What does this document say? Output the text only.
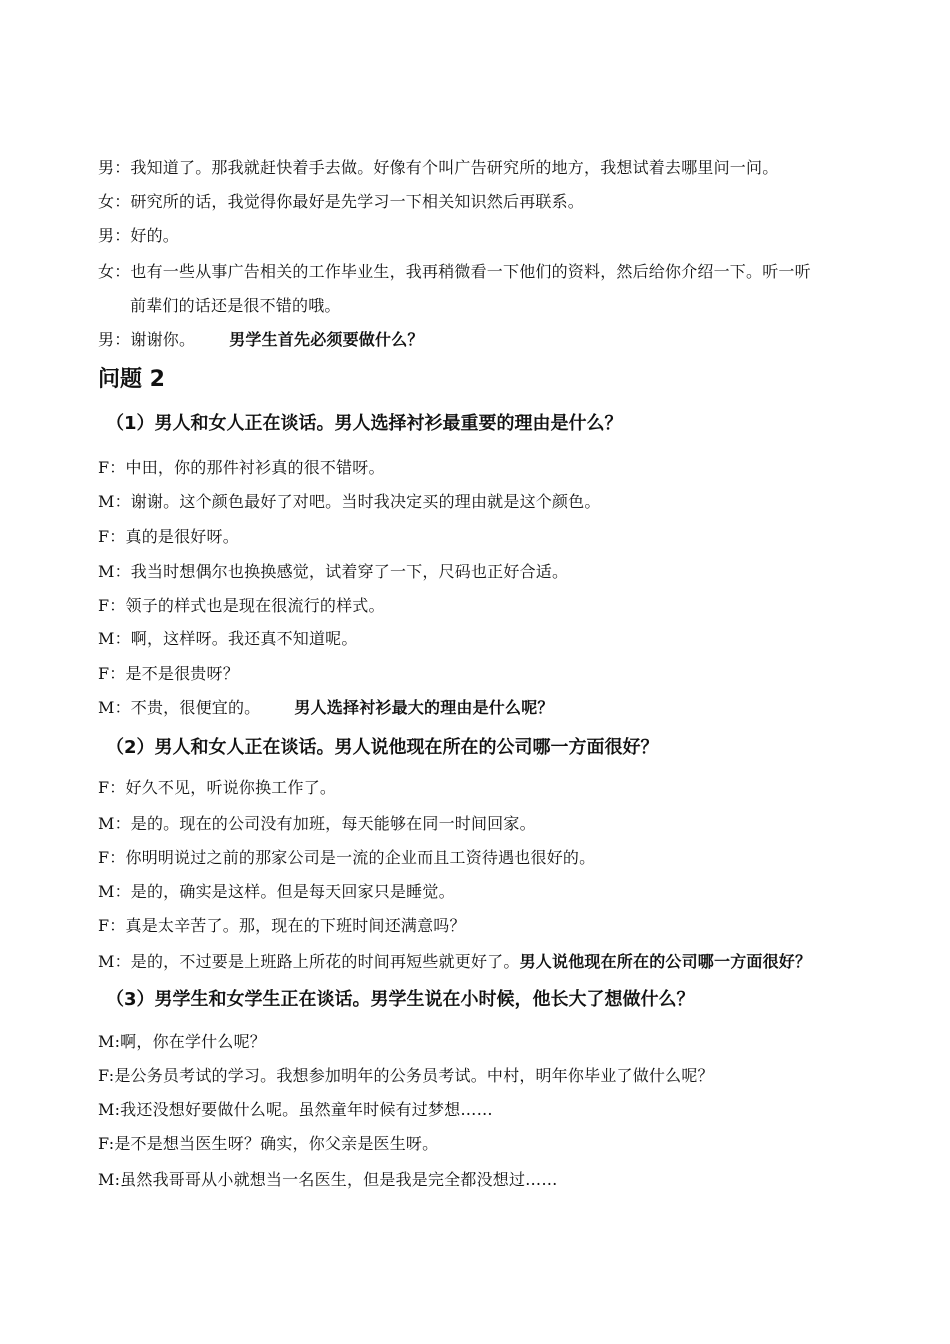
男：我知道了。那我就赶快着手去做。好像有个叫广告研究所的地方，我想试着去哪里问一问。
女：研究所的话，我觉得你最好是先学习一下相关知识然后再联系。
男：好的。
女：也有一些从事广告相关的工作毕业生，我再稍微看一下他们的资料，然后给你介绍一下。听一听
前辈们的话还是很不错的哦。
男：谢谢你。 男学生首先必须要做什么？
问题 2
（1）男人和女人正在谈话。男人选择衬衫最重要的理由是什么？
F：中田，你的那件衬衫真的很不错呀。
M：谢谢。这个颜色最好了对吧。当时我决定买的理由就是这个颜色。
F：真的是很好呀。
M：我当时想偶尔也换换感觉，试着穿了一下，尺码也正好合适。
F：领子的样式也是现在很流行的样式。
M：啊，这样呀。我还真不知道呢。
F：是不是很贵呀？
M：不贵，很便宜的。 男人选择衬衫最大的理由是什么呢？
（2）男人和女人正在谈话。男人说他现在所在的公司哪一方面很好？
F：好久不见，听说你换工作了。
M：是的。现在的公司没有加班，每天能够在同一时间回家。
F：你明明说过之前的那家公司是一流的企业而且工资待遇也很好的。
M：是的，确实是这样。但是每天回家只是睡觉。
F：真是太辛苦了。那，现在的下班时间还满意吗？
M：是的，不过要是上班路上所花的时间再短些就更好了。男人说他现在所在的公司哪一方面很好？
（3）男学生和女学生正在谈话。男学生说在小时候，他长大了想做什么？
M:啊，你在学什么呢？
F:是公务员考试的学习。我想参加明年的公务员考试。中村，明年你毕业了做什么呢？
M:我还没想好要做什么呢。虽然童年时候有过梦想……
F:是不是想当医生呀？确实，你父亲是医生呀。
M:虽然我哥哥从小就想当一名医生，但是我是完全都没想过……
